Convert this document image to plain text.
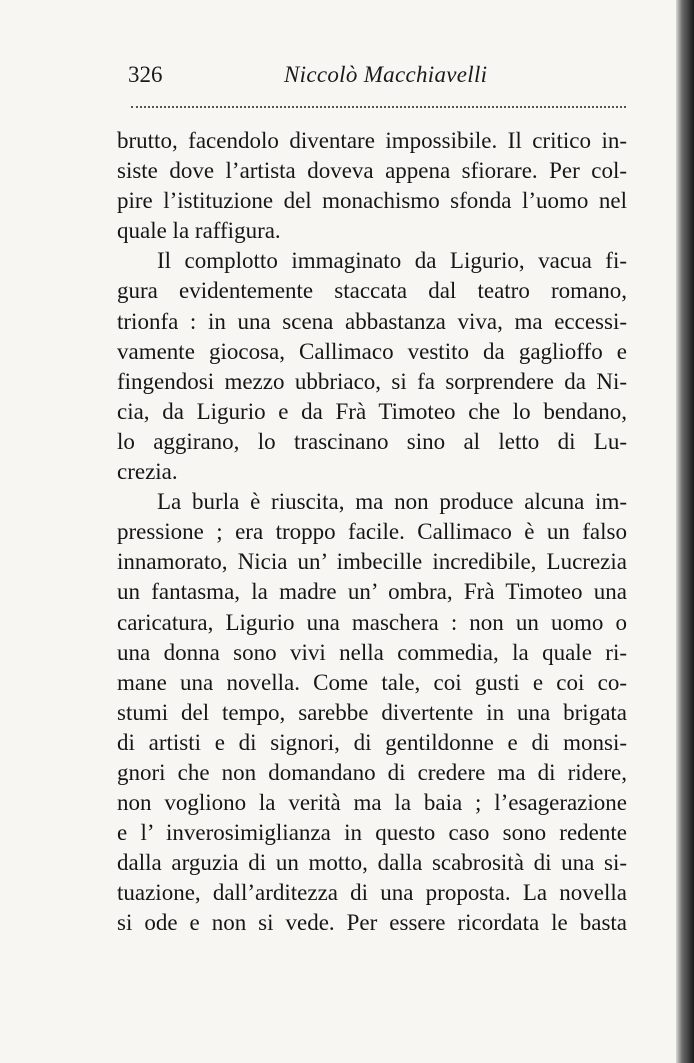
326	Niccolò Macchiavelli
brutto, facendolo diventare impossibile. Il critico in-
siste dove l’artista doveva appena sfiorare. Per col-
pire l’istituzione del monachismo sfonda l’uomo nel
quale la raffigura.
Il complotto immaginato da Ligurio, vacua fi-
gura evidentemente staccata dal teatro romano,
trionfa : in una scena abbastanza viva, ma eccessi-
vamente giocosa, Callimaco vestito da gaglioffo e
fingendosi mezzo ubbriaco, si fa sorprendere da Ni-
cia, da Ligurio e da Frà Timoteo che lo bendano,
lo aggirano, lo trascinano sino al letto di Lu-
crezia.
La burla è riuscita, ma non produce alcuna im-
pressione ; era troppo facile. Callimaco è un falso
innamorato, Nicia un’ imbecille incredibile, Lucrezia
un fantasma, la madre un’ ombra, Frà Timoteo una
caricatura, Ligurio una maschera : non un uomo o
una donna sono vivi nella commedia, la quale ri-
mane una novella. Come tale, coi gusti e coi co-
stumi del tempo, sarebbe divertente in una brigata
di artisti e di signori, di gentildonne e di monsi-
gnori che non domandano di credere ma di ridere,
non vogliono la verità ma la baia ; l’esagerazione
e l’ inverosimiglianza in questo caso sono redente
dalla arguzia di un motto, dalla scabrosità di una si-
tuazione, dall’arditezza di una proposta. La novella
si ode e non si vede. Per essere ricordata le basta
